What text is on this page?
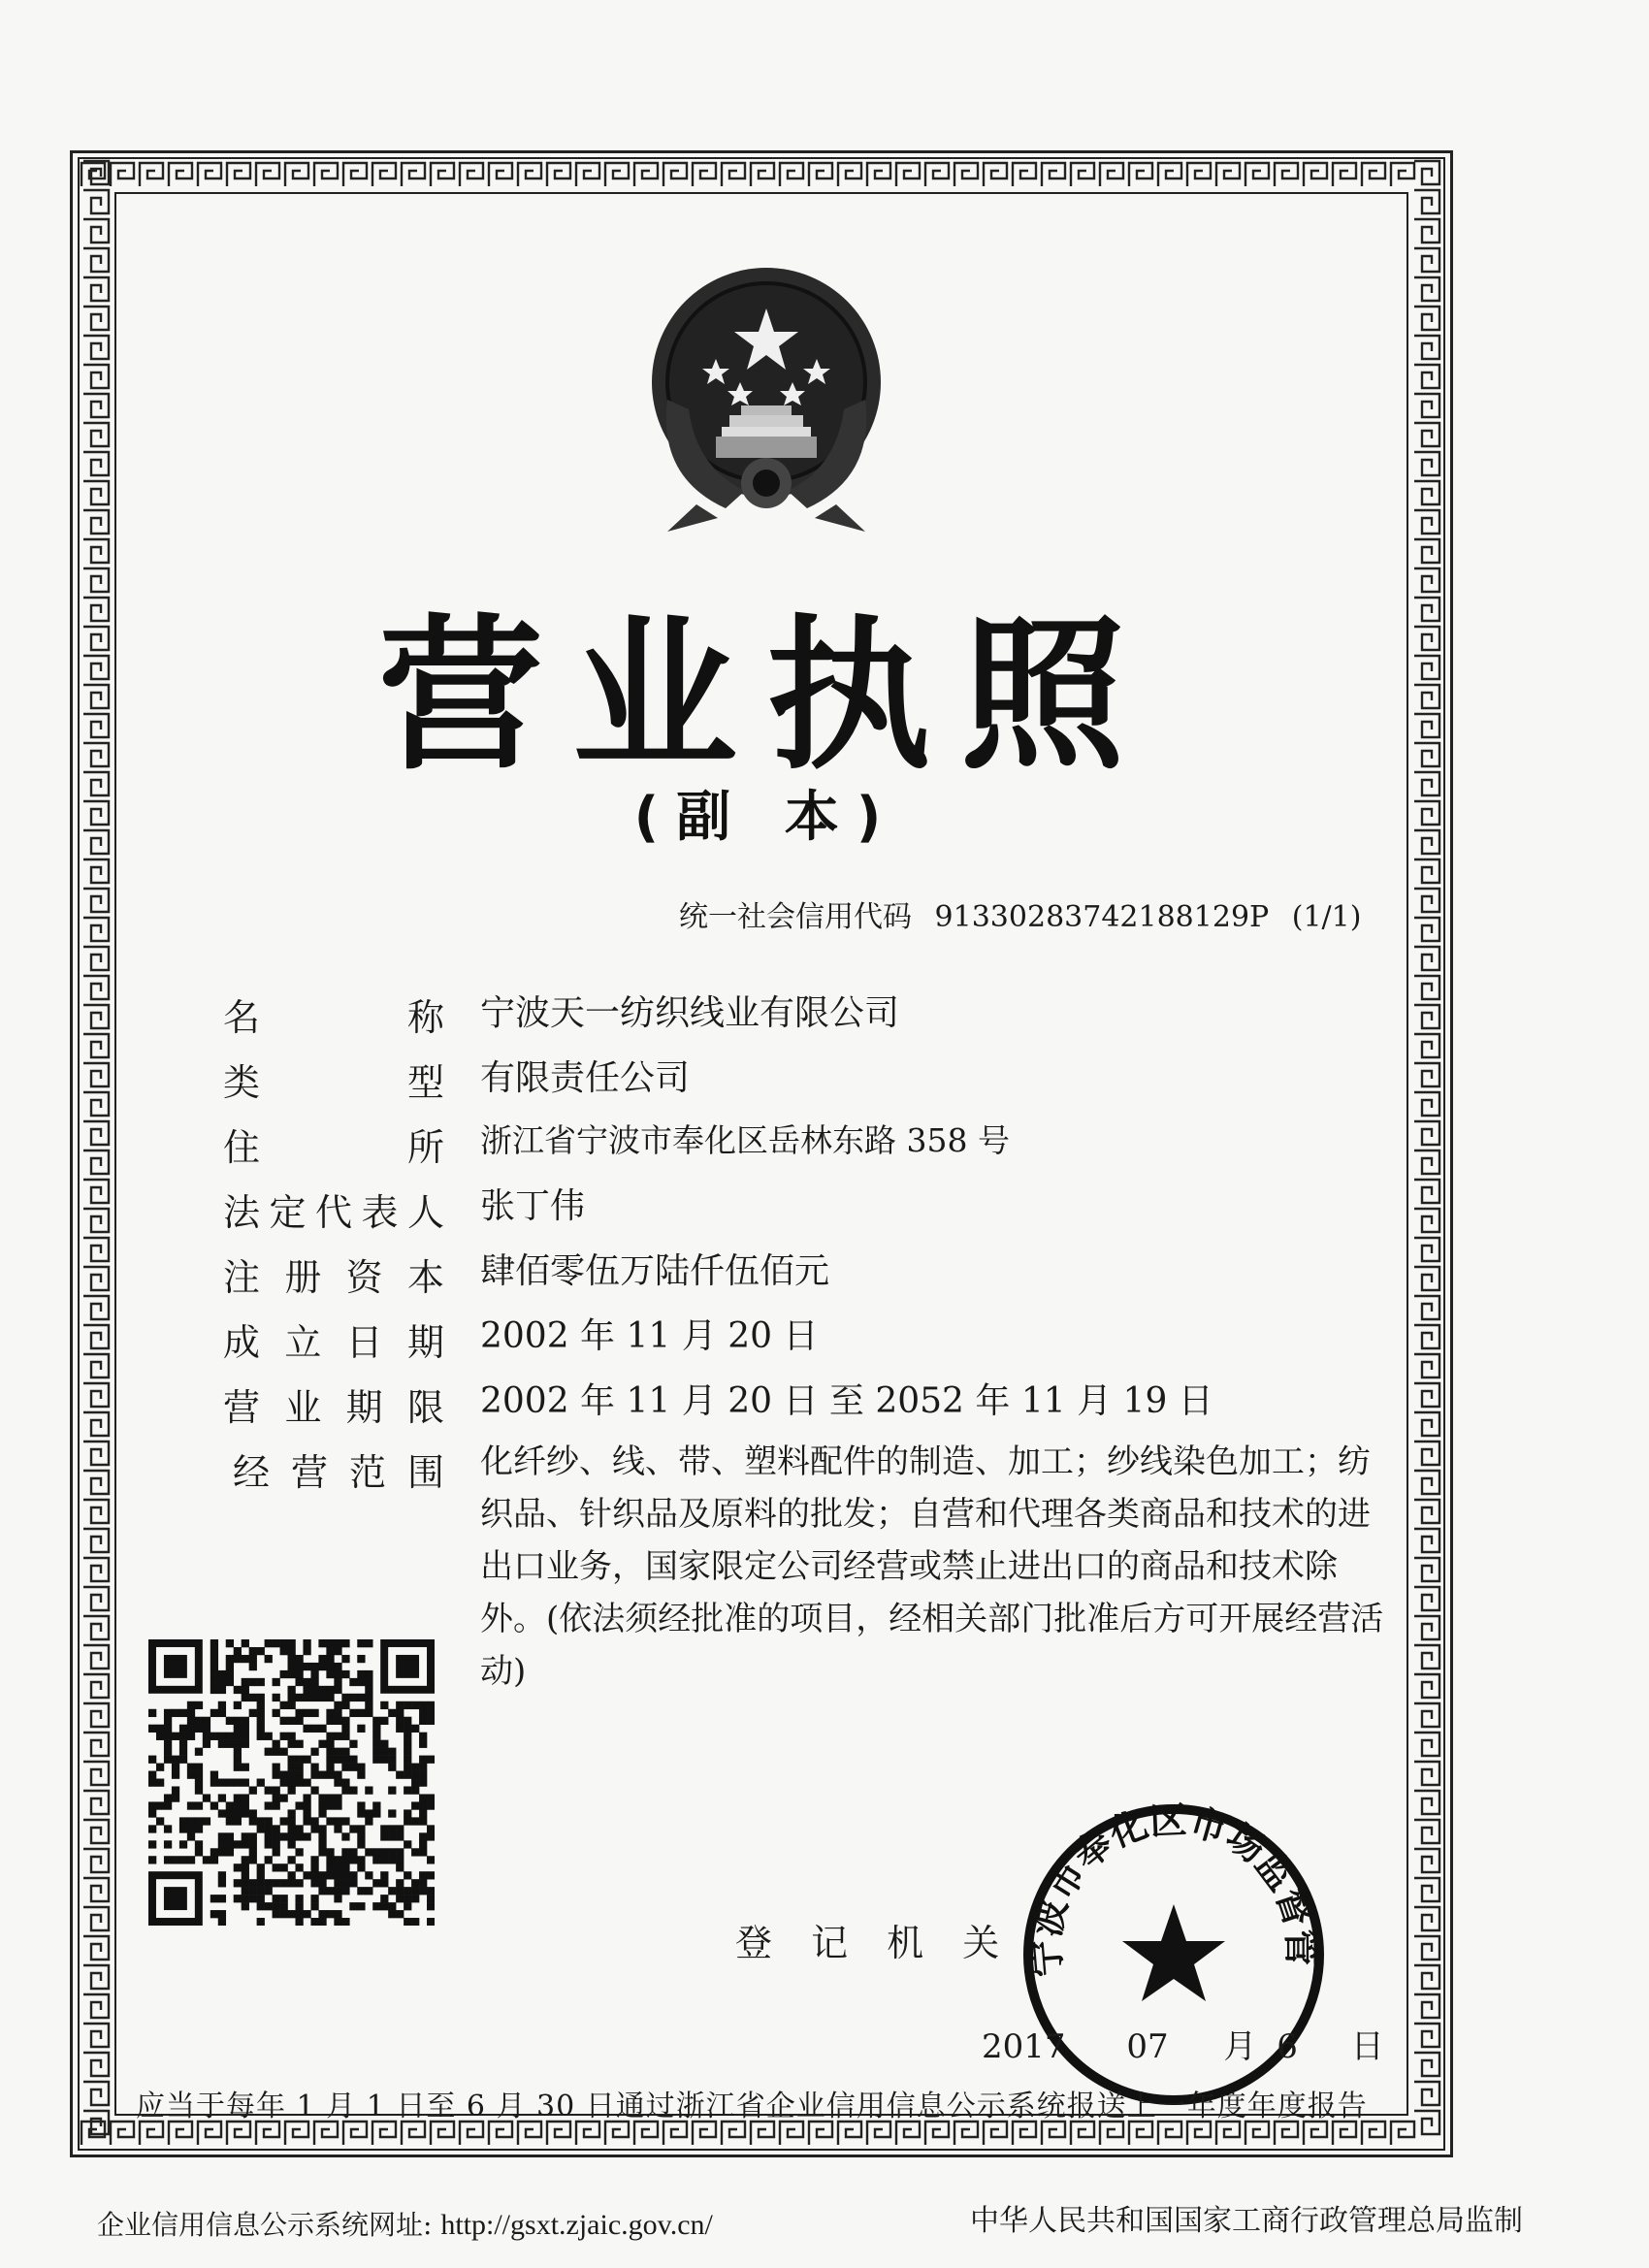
营业执照
(副 本)
统一社会信用代码 91330283742188129P (1/1)
名	称 宁波天一纺织线业有限公司
类	型 有限责任公司
住	所 浙江省宁波市奉化区岳林东路 358 号
法 定 代 表 人 张丁伟
注 册 资 本 肆佰零伍万陆仟伍佰元
成 立 日 期 2002 年 11 月 20 日
营 业 期 限 2002 年 11 月 20 日 至 2052 年 11 月 19 日
经 营 范 围 化纤纱、线、带、塑料配件的制造、加工；纱线染色加工；纺织品、针织品及原料的批发；自营和代理各类商品和技术的进出口业务，国家限定公司经营或禁止进出口的商品和技术除外。(依法须经批准的项目，经相关部门批准后方可开展经营活动)
登 记 机 关 宁波市奉化区市场监督管
2017 07 月 6 日
应当于每年 1 月 1 日至 6 月 30 日通过浙江省企业信用信息公示系统报送上一年度年度报告
企业信用信息公示系统网址: http://gsxt.zjaic.gov.cn/	中华人民共和国国家工商行政管理总局监制
